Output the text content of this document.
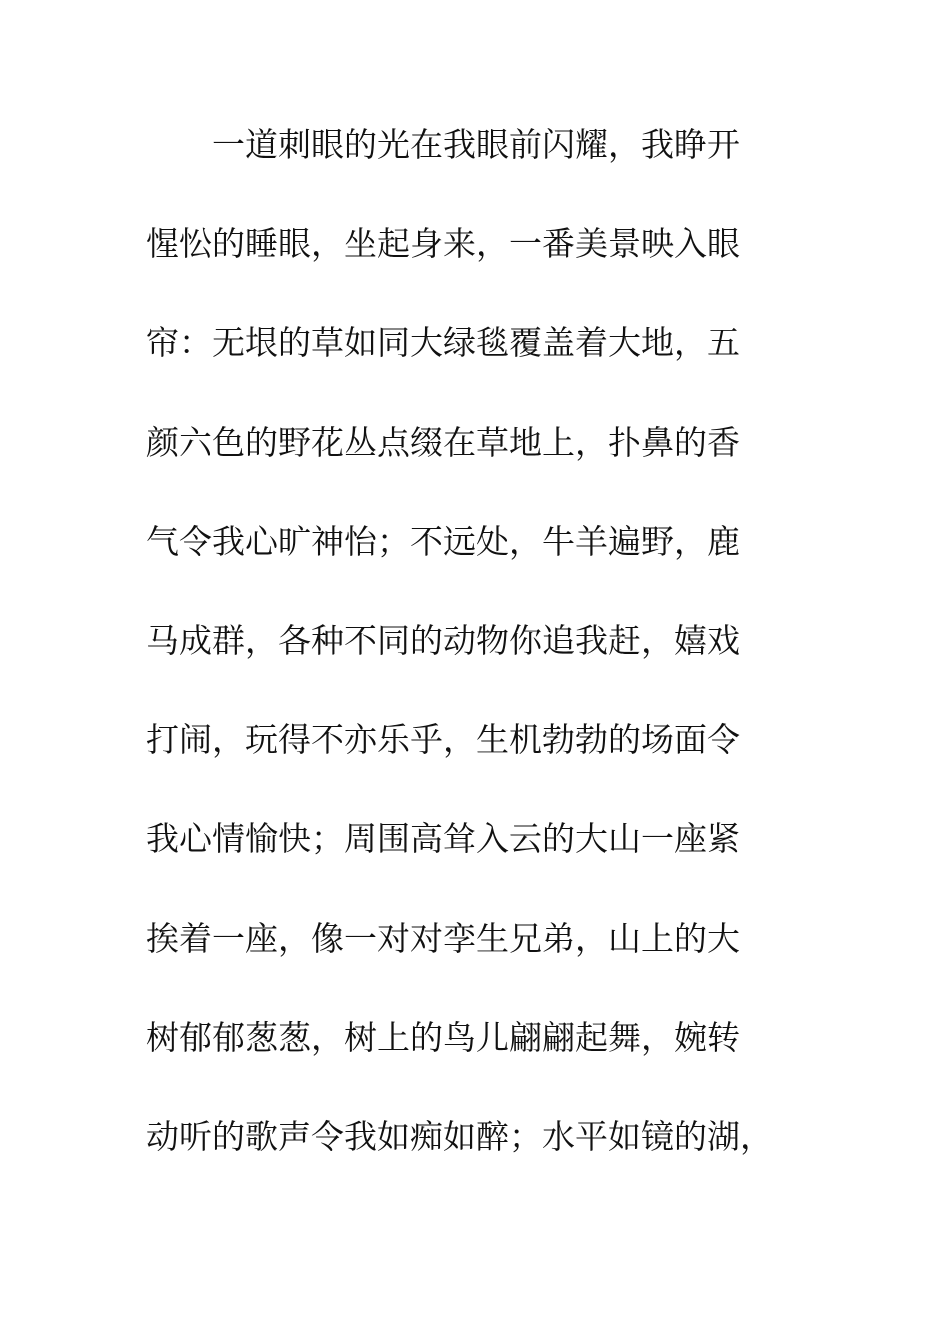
一道刺眼的光在我眼前闪耀，我睁开
惺忪的睡眼，坐起身来，一番美景映入眼
帘：无垠的草如同大绿毯覆盖着大地，五
颜六色的野花丛点缀在草地上，扑鼻的香
气令我心旷神怡；不远处，牛羊遍野，鹿
马成群，各种不同的动物你追我赶，嬉戏
打闹，玩得不亦乐乎，生机勃勃的场面令
我心情愉快；周围高耸入云的大山一座紧
挨着一座，像一对对孪生兄弟，山上的大
树郁郁葱葱，树上的鸟儿翩翩起舞，婉转
动听的歌声令我如痴如醉；水平如镜的湖，
